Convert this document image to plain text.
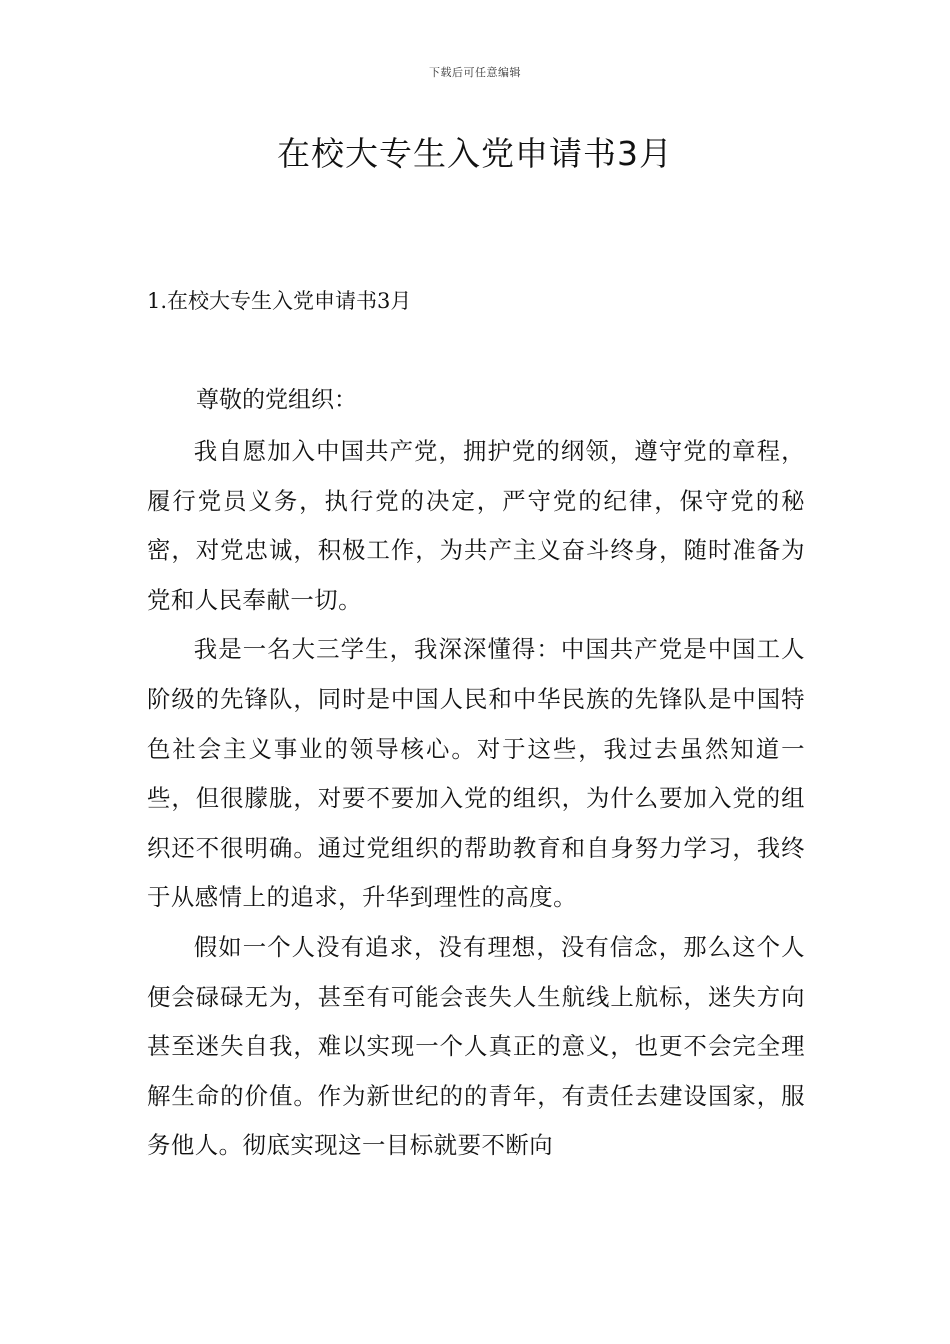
下载后可任意编辑
在校大专生入党申请书3月
1.在校大专生入党申请书3月

尊敬的党组织：

我自愿加入中国共产党，拥护党的纲领，遵守党的章程，履行党员义务，执行党的决定，严守党的纪律，保守党的秘密，对党忠诚，积极工作，为共产主义奋斗终身，随时准备为党和人民奉献一切。

我是一名大三学生，我深深懂得：中国共产党是中国工人阶级的先锋队，同时是中国人民和中华民族的先锋队是中国特色社会主义事业的领导核心。对于这些，我过去虽然知道一些，但很朦胧，对要不要加入党的组织，为什么要加入党的组织还不很明确。通过党组织的帮助教育和自身努力学习，我终于从感情上的追求，升华到理性的高度。

假如一个人没有追求，没有理想，没有信念，那么这个人便会碌碌无为，甚至有可能会丧失人生航线上航标，迷失方向甚至迷失自我，难以实现一个人真正的意义，也更不会完全理解生命的价值。作为新世纪的的青年，有责任去建设国家，服务他人。彻底实现这一目标就要不断向
